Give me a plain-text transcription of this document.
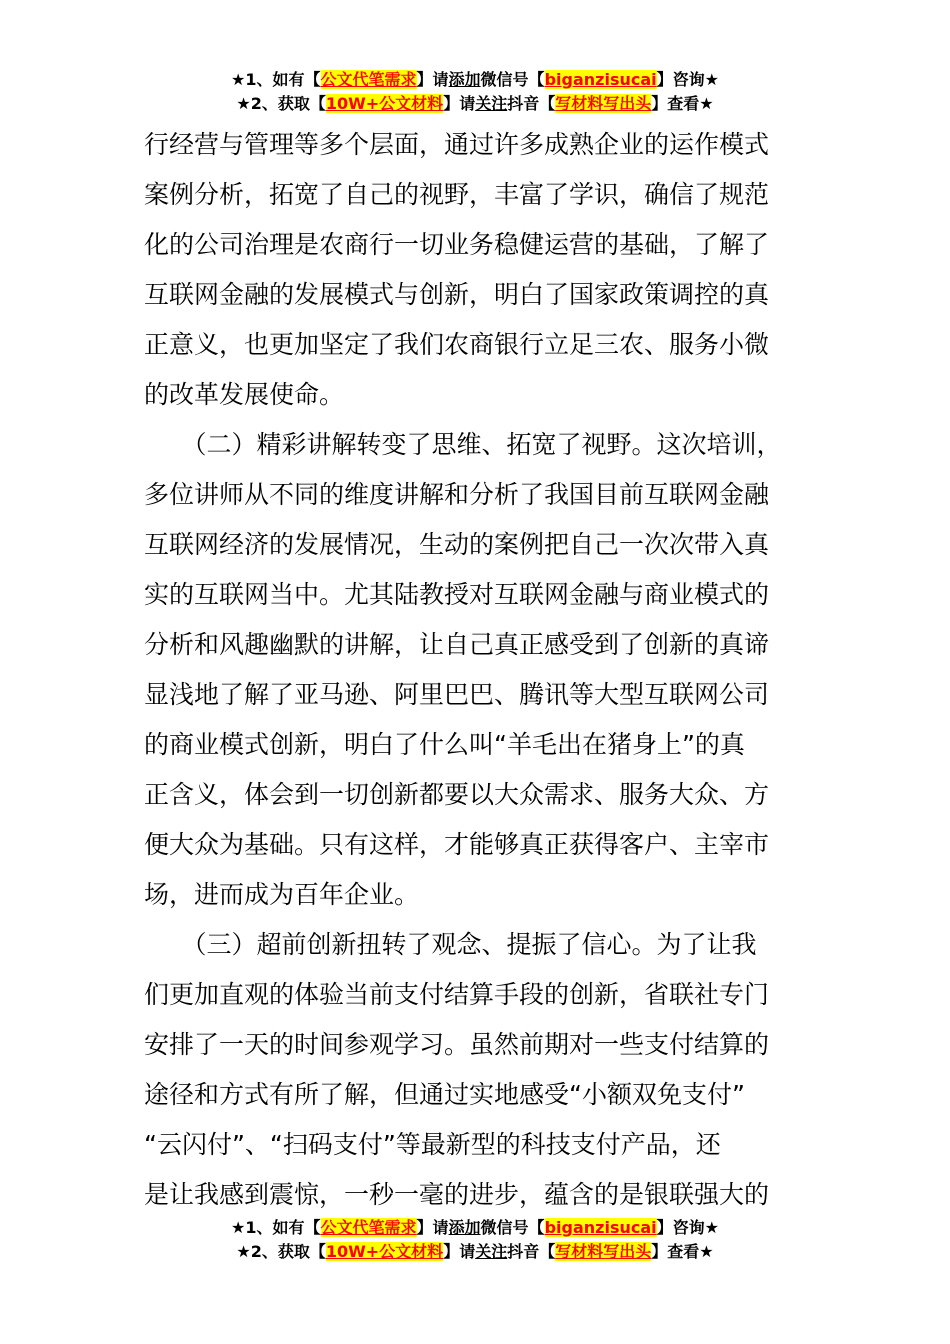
★1、如有【公文代笔需求】请添加微信号【biganzisucai】咨询★
★2、获取【10W+公文材料】请关注抖音【写材料写出头】查看★
行经营与管理等多个层面，通过许多成熟企业的运作模式
案例分析，拓宽了自己的视野，丰富了学识，确信了规范
化的公司治理是农商行一切业务稳健运营的基础，了解了
互联网金融的发展模式与创新，明白了国家政策调控的真
正意义，也更加坚定了我们农商银行立足三农、服务小微
的改革发展使命。
　　（二）精彩讲解转变了思维、拓宽了视野。这次培训，
多位讲师从不同的维度讲解和分析了我国目前互联网金融
互联网经济的发展情况，生动的案例把自己一次次带入真
实的互联网当中。尤其陆教授对互联网金融与商业模式的
分析和风趣幽默的讲解，让自己真正感受到了创新的真谛
显浅地了解了亚马逊、阿里巴巴、腾讯等大型互联网公司
的商业模式创新，明白了什么叫“羊毛出在猪身上”的真
正含义，体会到一切创新都要以大众需求、服务大众、方
便大众为基础。只有这样，才能够真正获得客户、主宰市
场，进而成为百年企业。
　　（三）超前创新扭转了观念、提振了信心。为了让我
们更加直观的体验当前支付结算手段的创新，省联社专门
安排了一天的时间参观学习。虽然前期对一些支付结算的
途径和方式有所了解，但通过实地感受“小额双免支付”
“云闪付”、“扫码支付”等最新型的科技支付产品，还
是让我感到震惊，一秒一毫的进步，蕴含的是银联强大的
★1、如有【公文代笔需求】请添加微信号【biganzisucai】咨询★
★2、获取【10W+公文材料】请关注抖音【写材料写出头】查看★
